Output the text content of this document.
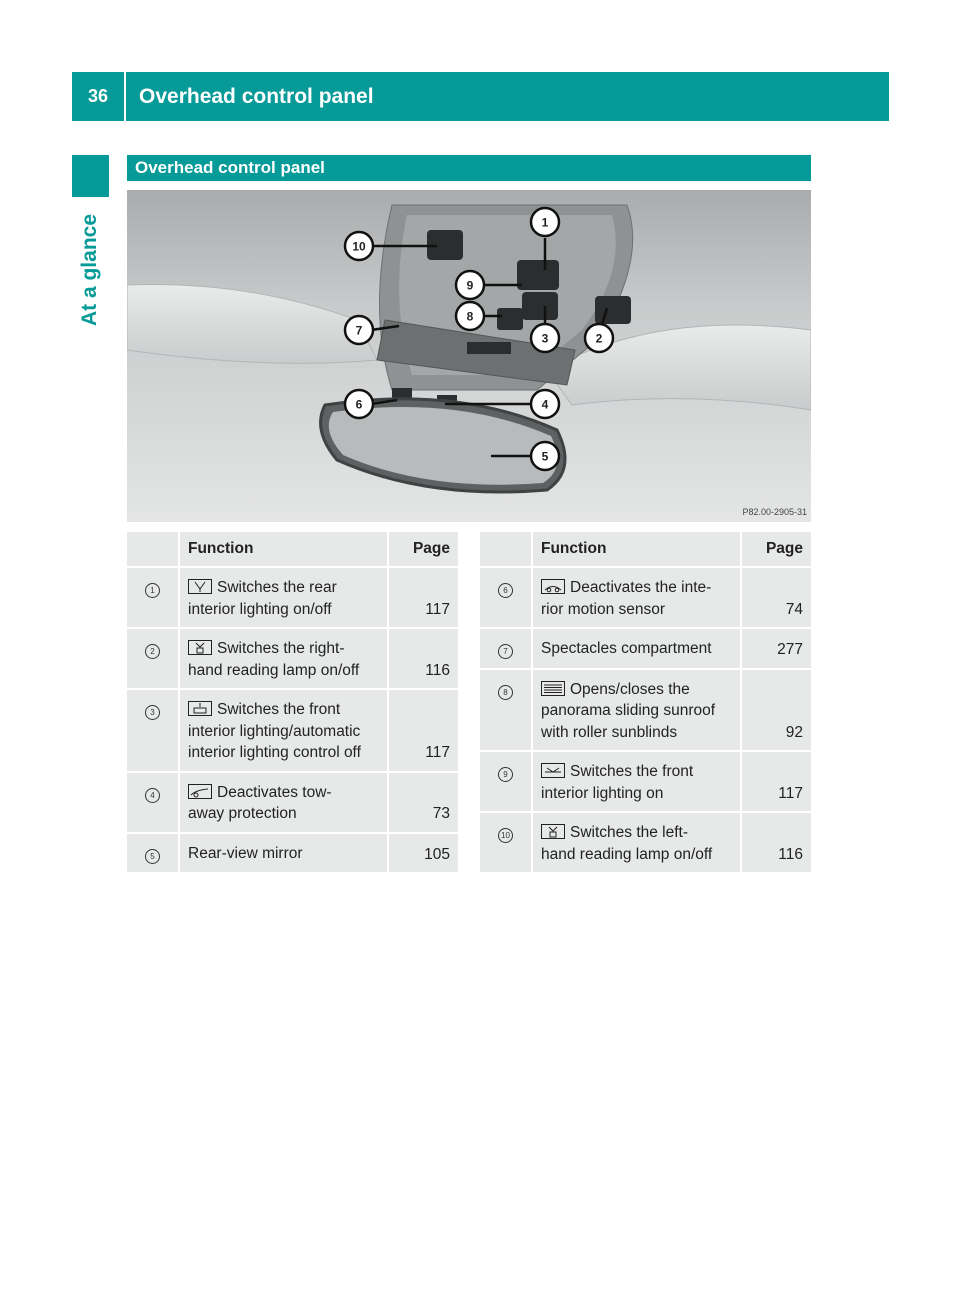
36	Overhead control panel
At a glance
Overhead control panel
1
2
3
4
5
6
7
8
9
10
P82.00-2905-31
	Function	Page
1	Switches the rear
interior lighting on/off	117
2	Switches the right-
hand reading lamp on/off	116
3	Switches the front
interior lighting/automatic
interior lighting control off	117
4	Deactivates tow-
away protection	73
5	Rear-view mirror	105
	Function	Page
6	Deactivates the inte-
rior motion sensor	74
7	Spectacles compartment	277
8	Opens/closes the
panorama sliding sunroof
with roller sunblinds	92
9	Switches the front
interior lighting on	117
10	Switches the left-
hand reading lamp on/off	116
